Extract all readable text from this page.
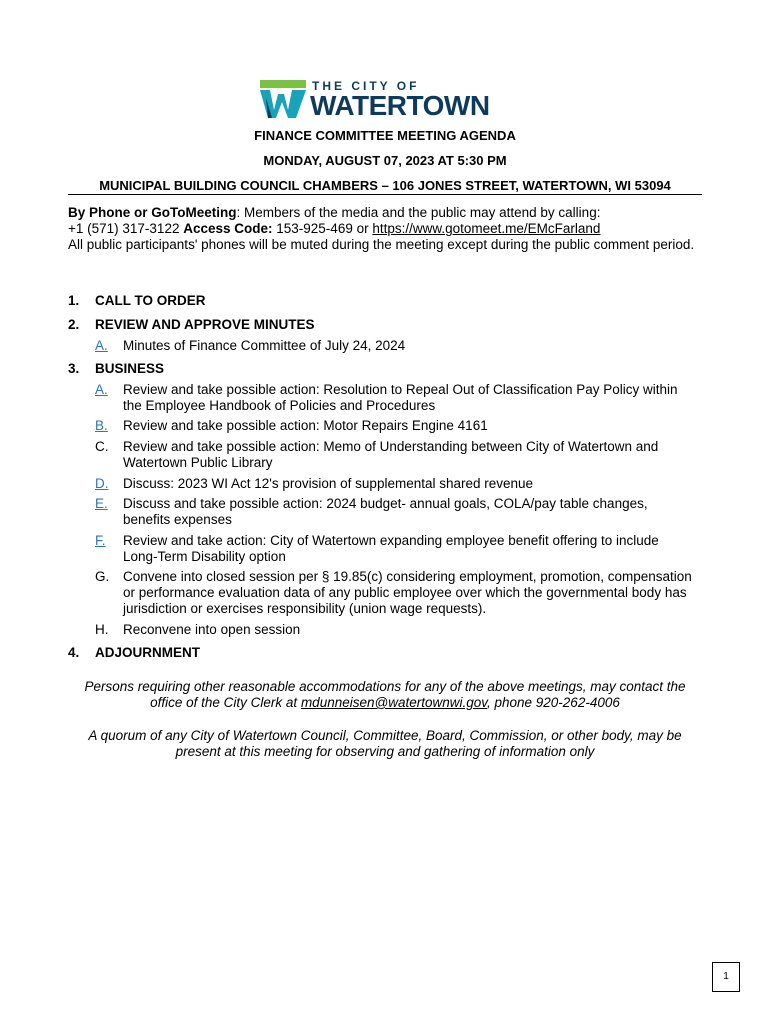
THE CITY OF
WATERTOWN
FINANCE COMMITTEE MEETING AGENDA
MONDAY, AUGUST 07, 2023 AT 5:30 PM
MUNICIPAL BUILDING COUNCIL CHAMBERS – 106 JONES STREET, WATERTOWN, WI 53094
By Phone or GoToMeeting: Members of the media and the public may attend by calling:
+1 (571) 317-3122 Access Code: 153-925-469 or https://www.gotomeet.me/EMcFarland
All public participants' phones will be muted during the meeting except during the public comment period.
1. CALL TO ORDER
2. REVIEW AND APPROVE MINUTES
A. Minutes of Finance Committee of July 24, 2024
3. BUSINESS
A. Review and take possible action: Resolution to Repeal Out of Classification Pay Policy within the Employee Handbook of Policies and Procedures
B. Review and take possible action: Motor Repairs Engine 4161
C. Review and take possible action: Memo of Understanding between City of Watertown and Watertown Public Library
D. Discuss: 2023 WI Act 12's provision of supplemental shared revenue
E. Discuss and take possible action: 2024 budget- annual goals, COLA/pay table changes, benefits expenses
F. Review and take action: City of Watertown expanding employee benefit offering to include Long-Term Disability option
G. Convene into closed session per § 19.85(c) considering employment, promotion, compensation or performance evaluation data of any public employee over which the governmental body has jurisdiction or exercises responsibility (union wage requests).
H. Reconvene into open session
4. ADJOURNMENT
Persons requiring other reasonable accommodations for any of the above meetings, may contact the office of the City Clerk at mdunneisen@watertownwi.gov, phone 920-262-4006
A quorum of any City of Watertown Council, Committee, Board, Commission, or other body, may be present at this meeting for observing and gathering of information only
1
